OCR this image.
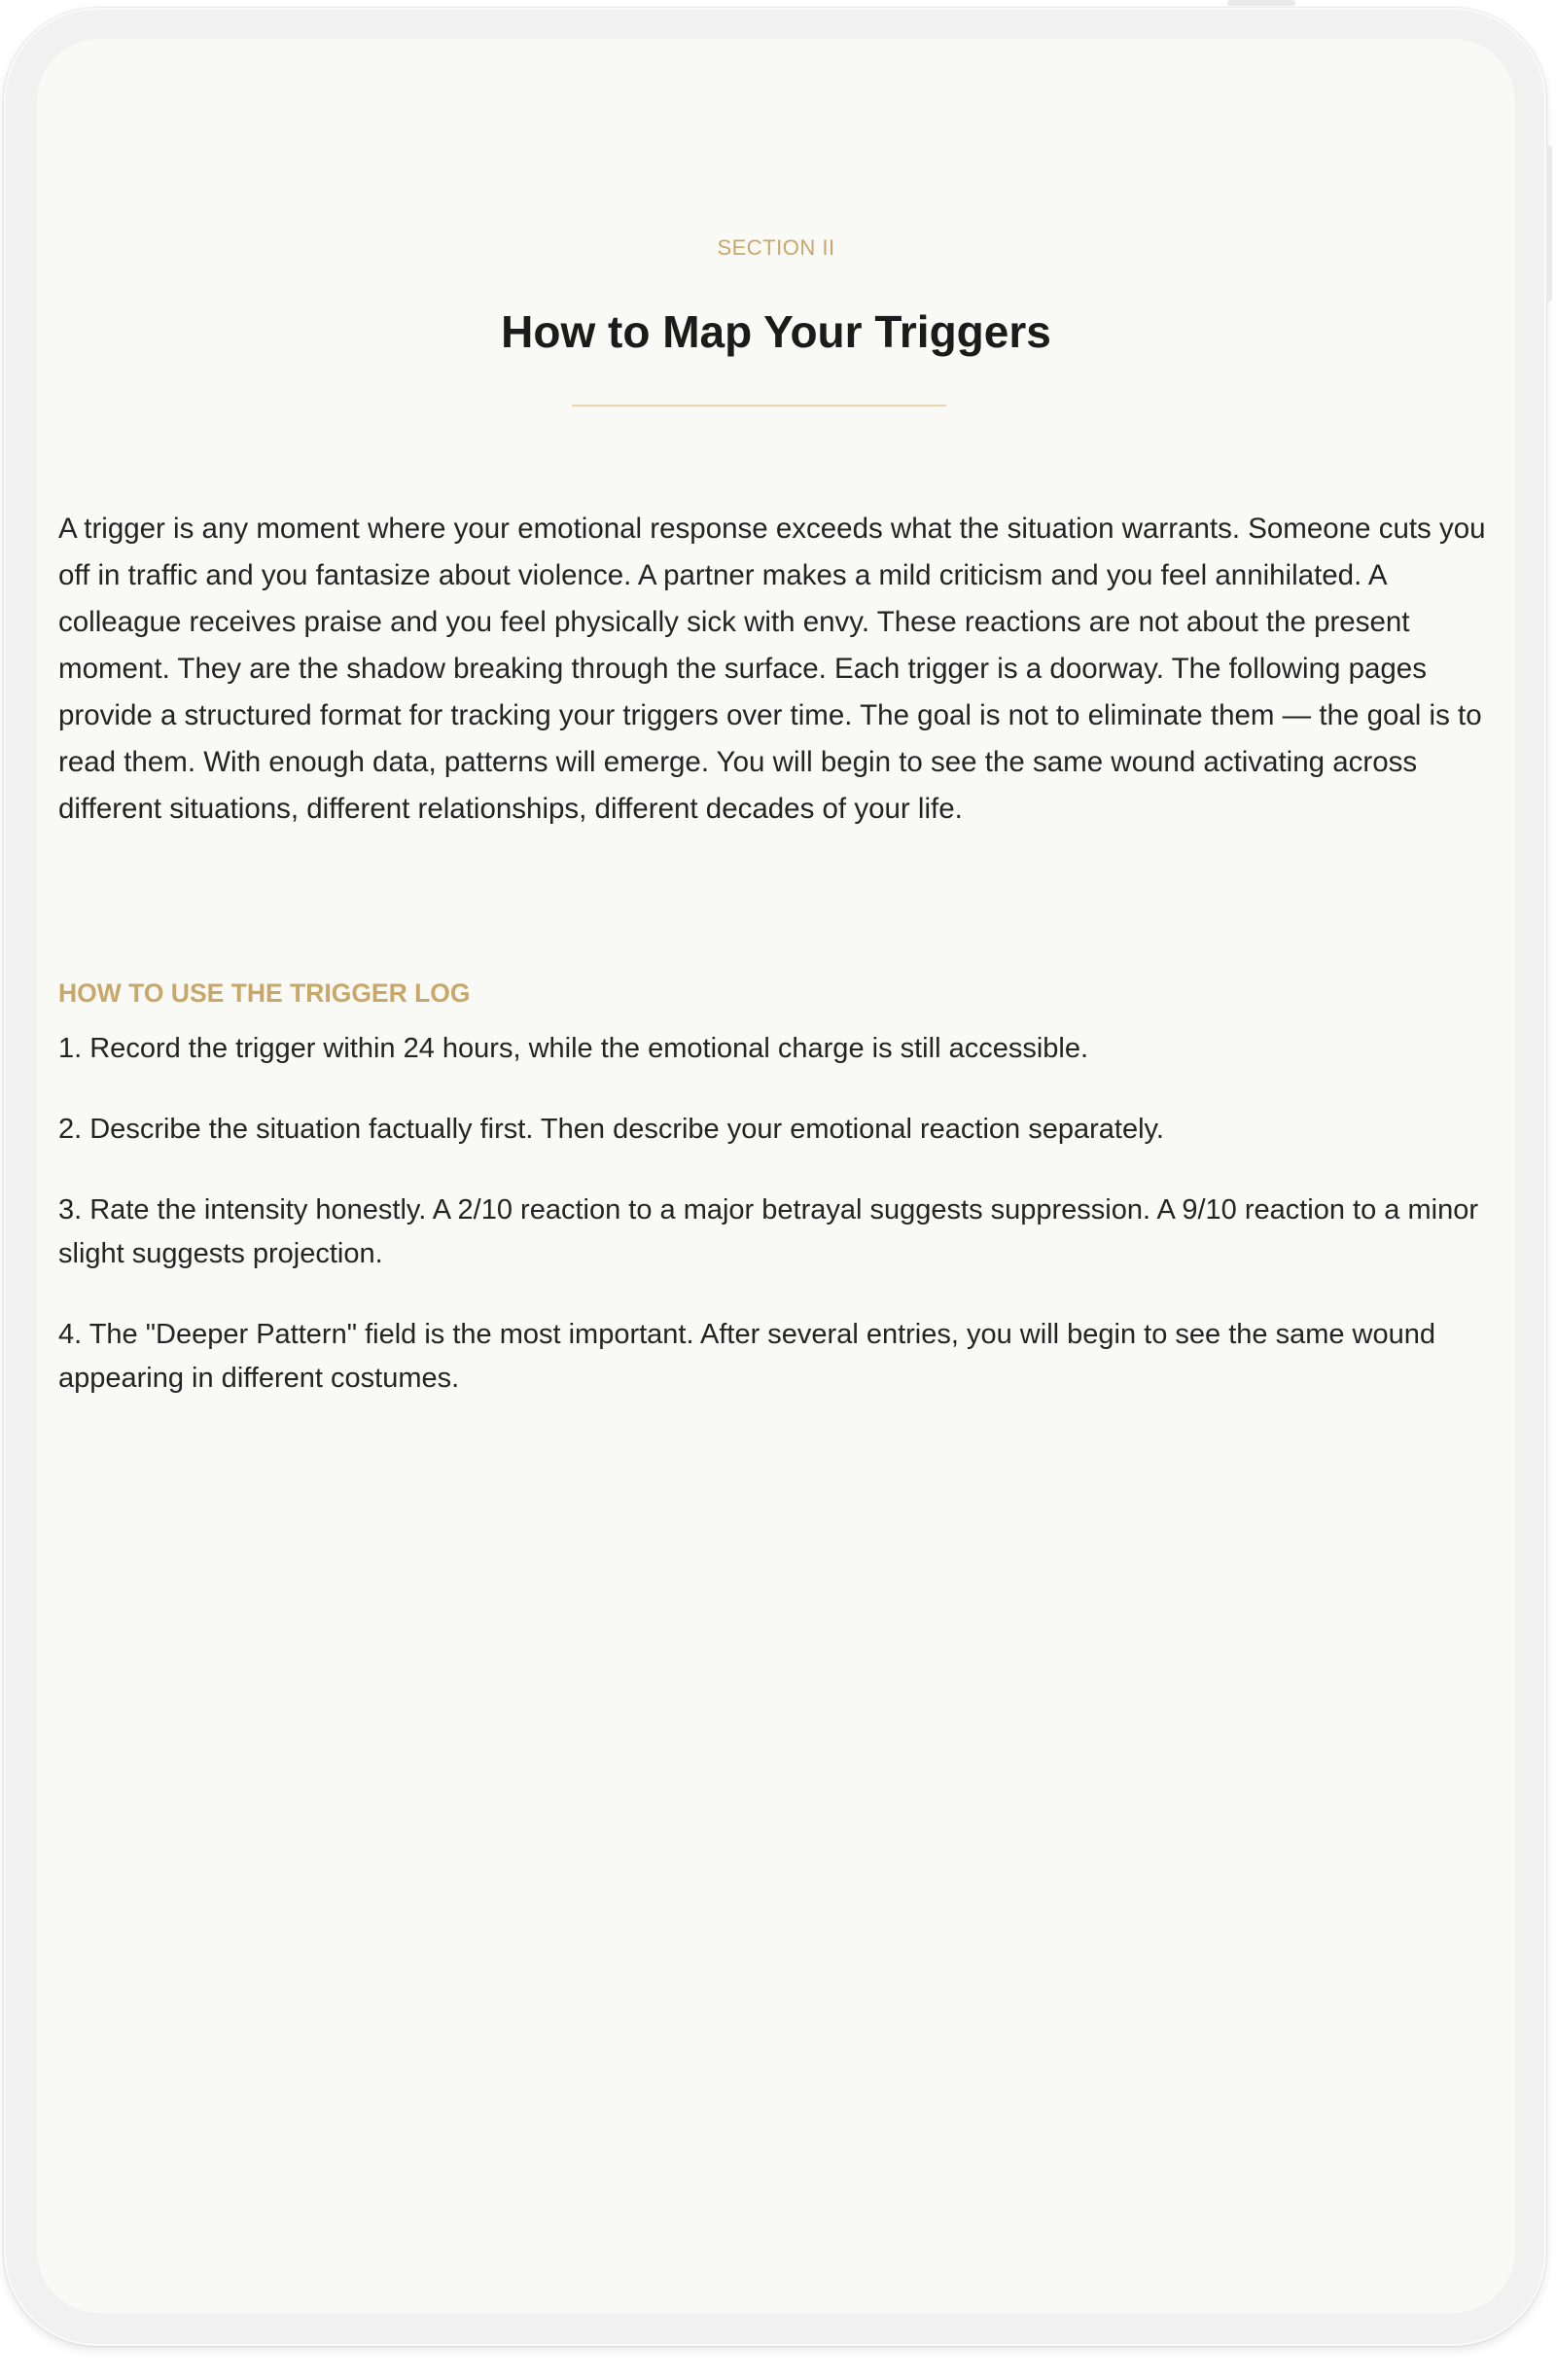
SECTION II
How to Map Your Triggers

A trigger is any moment where your emotional response exceeds what the situation warrants. Someone cuts you off in traffic and you fantasize about violence. A partner makes a mild criticism and you feel annihilated. A colleague receives praise and you feel physically sick with envy. These reactions are not about the present moment. They are the shadow breaking through the surface. Each trigger is a doorway. The following pages provide a structured format for tracking your triggers over time. The goal is not to eliminate them — the goal is to read them. With enough data, patterns will emerge. You will begin to see the same wound activating across different situations, different relationships, different decades of your life.

HOW TO USE THE TRIGGER LOG
1. Record the trigger within 24 hours, while the emotional charge is still accessible.
2. Describe the situation factually first. Then describe your emotional reaction separately.
3. Rate the intensity honestly. A 2/10 reaction to a major betrayal suggests suppression. A 9/10 reaction to a minor slight suggests projection.
4. The "Deeper Pattern" field is the most important. After several entries, you will begin to see the same wound appearing in different costumes.
